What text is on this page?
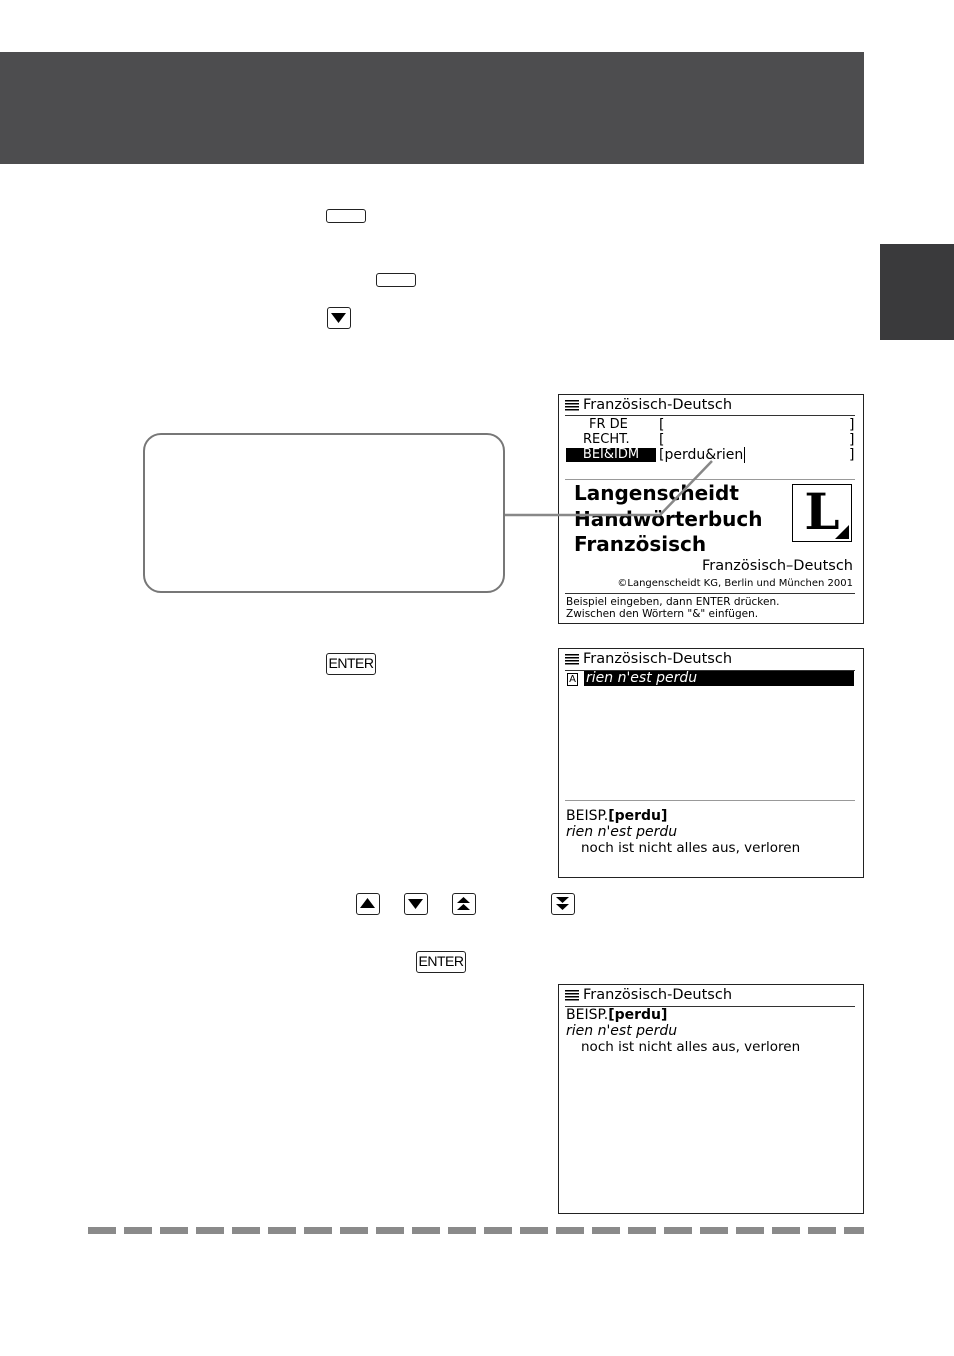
Französisch-Deutsch
FR DE [	]
RECHT. [	]
BEI&IDM	[perdu&rien	]
Langenscheidt
Handwörterbuch
Französisch
L
Französisch–Deutsch
©Langenscheidt KG, Berlin und München 2001
Beispiel eingeben, dann ENTER drücken.
Zwischen den Wörtern "&" einfügen.
ENTER	Französisch-Deutsch
A rien n'est perdu
BEISP.[perdu]
rien n'est perdu
noch ist nicht alles aus, verloren
ENTER
Französisch-Deutsch
BEISP.[perdu]
rien n'est perdu
noch ist nicht alles aus, verloren
